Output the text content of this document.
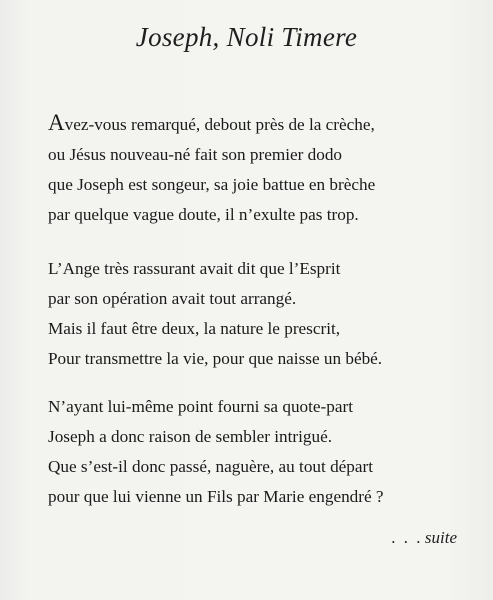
Joseph, Noli Timere
Avez-vous remarqué, debout près de la crèche,
ou Jésus nouveau-né fait son premier dodo
que Joseph est songeur, sa joie battue en brèche
par quelque vague doute, il n’exulte pas trop.
L’Ange très rassurant avait dit que l’Esprit
par son opération avait tout arrangé.
Mais il faut être deux, la nature le prescrit,
Pour transmettre la vie, pour que naisse un bébé.
N’ayant lui-même point fourni sa quote-part
Joseph a donc raison de sembler intrigué.
Que s’est-il donc passé, naguère, au tout départ
pour que lui vienne un Fils par Marie engendré ?
. . . suite
